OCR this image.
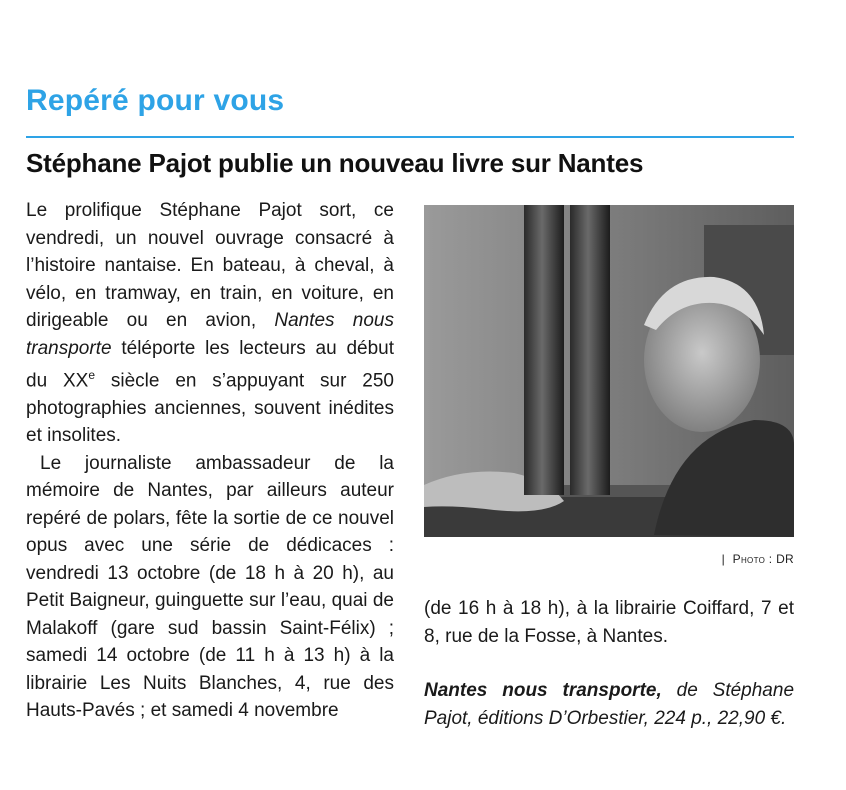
Repéré pour vous
Stéphane Pajot publie un nouveau livre sur Nantes

Le prolifique Stéphane Pajot sort, ce vendredi, un nouvel ouvrage consacré à l’histoire nantaise. En bateau, à cheval, à vélo, en tramway, en train, en voiture, en dirigeable ou en avion, Nantes nous transporte téléporte les lecteurs au début du XXe siècle en s’appuyant sur 250 photographies anciennes, souvent inédites et insolites.

Le journaliste ambassadeur de la mémoire de Nantes, par ailleurs auteur repéré de polars, fête la sortie de ce nouvel opus avec une série de dédicaces : vendredi 13 octobre (de 18 h à 20 h), au Petit Baigneur, guinguette sur l’eau, quai de Malakoff (gare sud bassin Saint-Félix) ; samedi 14 octobre (de 11 h à 13 h) à la librairie Les Nuits Blanches, 4, rue des Hauts-Pavés ; et samedi 4 novembre

| Photo : DR

(de 16 h à 18 h), à la librairie Coiffard, 7 et 8, rue de la Fosse, à Nantes.

Nantes nous transporte, de Stéphane Pajot, éditions D’Orbestier, 224 p., 22,90 €.
